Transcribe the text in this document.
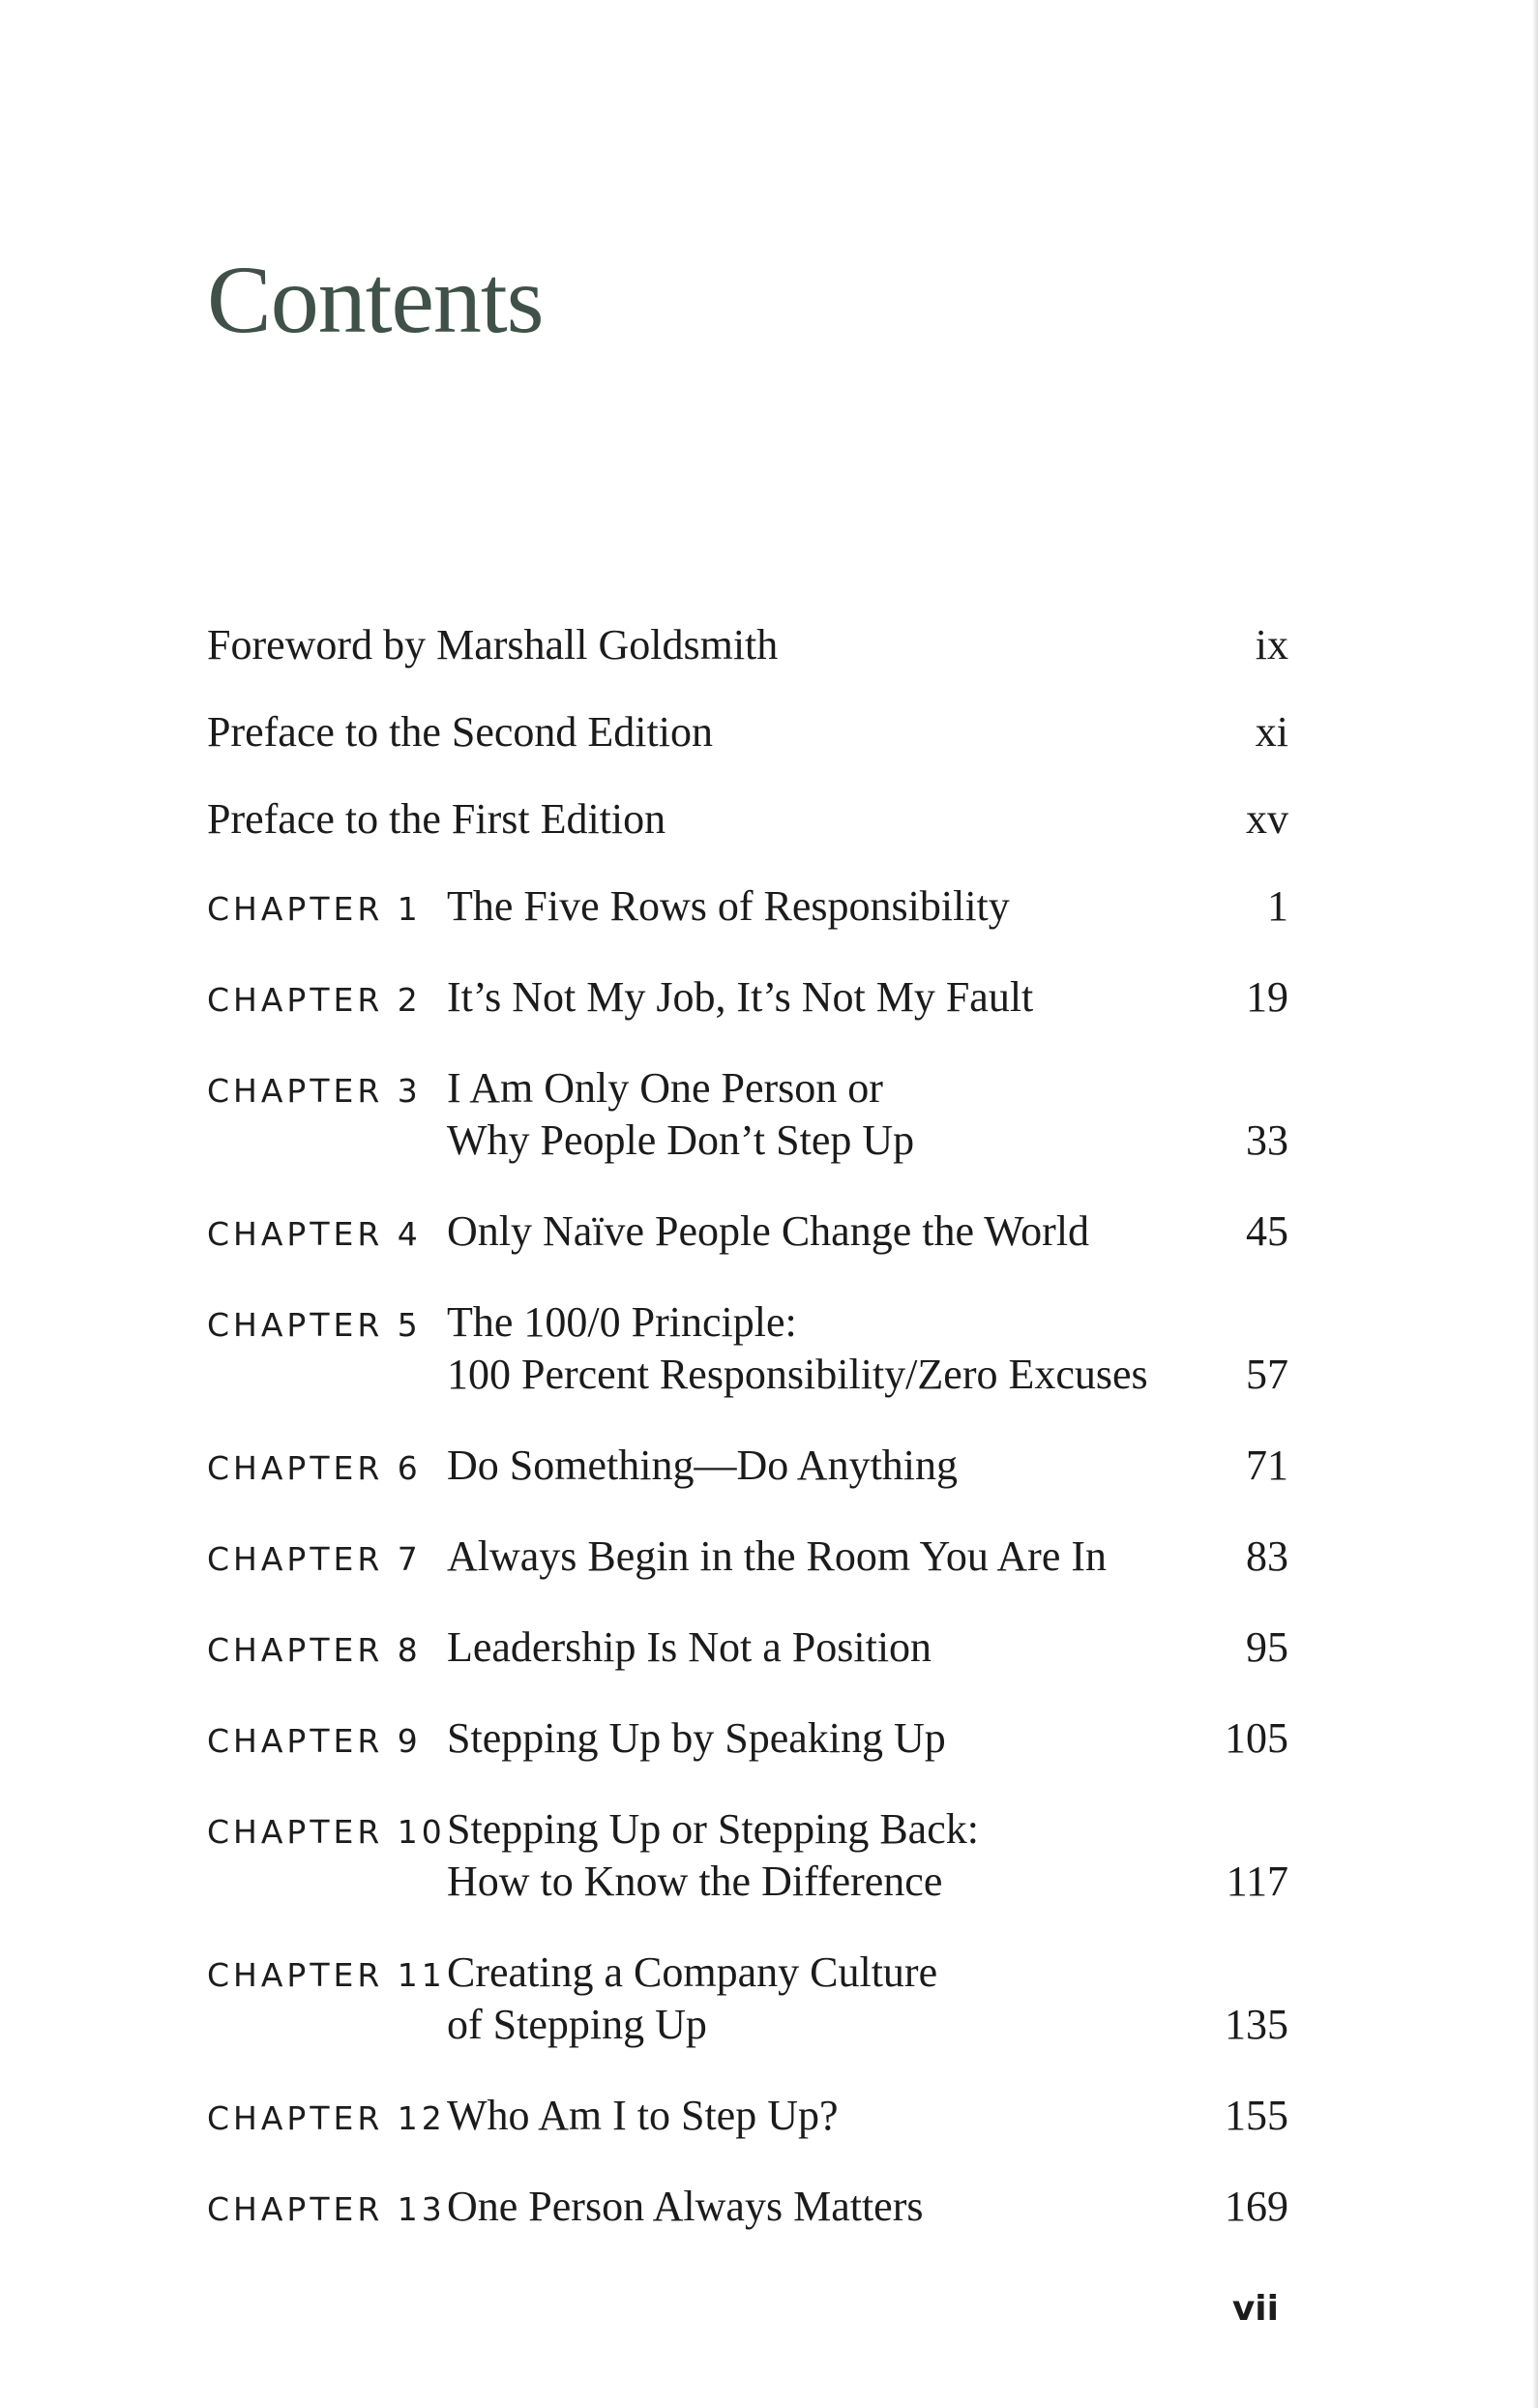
Contents
Foreword by Marshall Goldsmith	ix
Preface to the Second Edition	xi
Preface to the First Edition	xv
CHAPTER 1 The Five Rows of Responsibility	1
CHAPTER 2 It’s Not My Job, It’s Not My Fault	19
CHAPTER 3 I Am Only One Person or
Why People Don’t Step Up	33
CHAPTER 4 Only Naïve People Change the World	45
CHAPTER 5 The 100/0 Principle:
100 Percent Responsibility/Zero Excuses	57
CHAPTER 6 Do Something—Do Anything	71
CHAPTER 7 Always Begin in the Room You Are In	83
CHAPTER 8 Leadership Is Not a Position	95
CHAPTER 9 Stepping Up by Speaking Up	105
CHAPTER 10 Stepping Up or Stepping Back:
How to Know the Difference	117
CHAPTER 11 Creating a Company Culture
of Stepping Up	135
CHAPTER 12 Who Am I to Step Up?	155
CHAPTER 13 One Person Always Matters	169
vii
